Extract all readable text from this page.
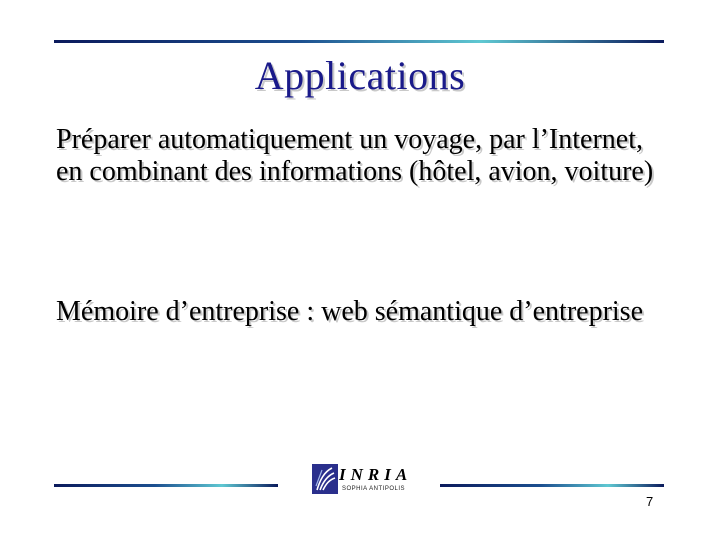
Applications

Préparer automatiquement un voyage, par l’Internet, en combinant des informations (hôtel, avion, voiture)

Mémoire d’entreprise : web sémantique d’entreprise

INRIA
SOPHIA ANTIPOLIS
7
